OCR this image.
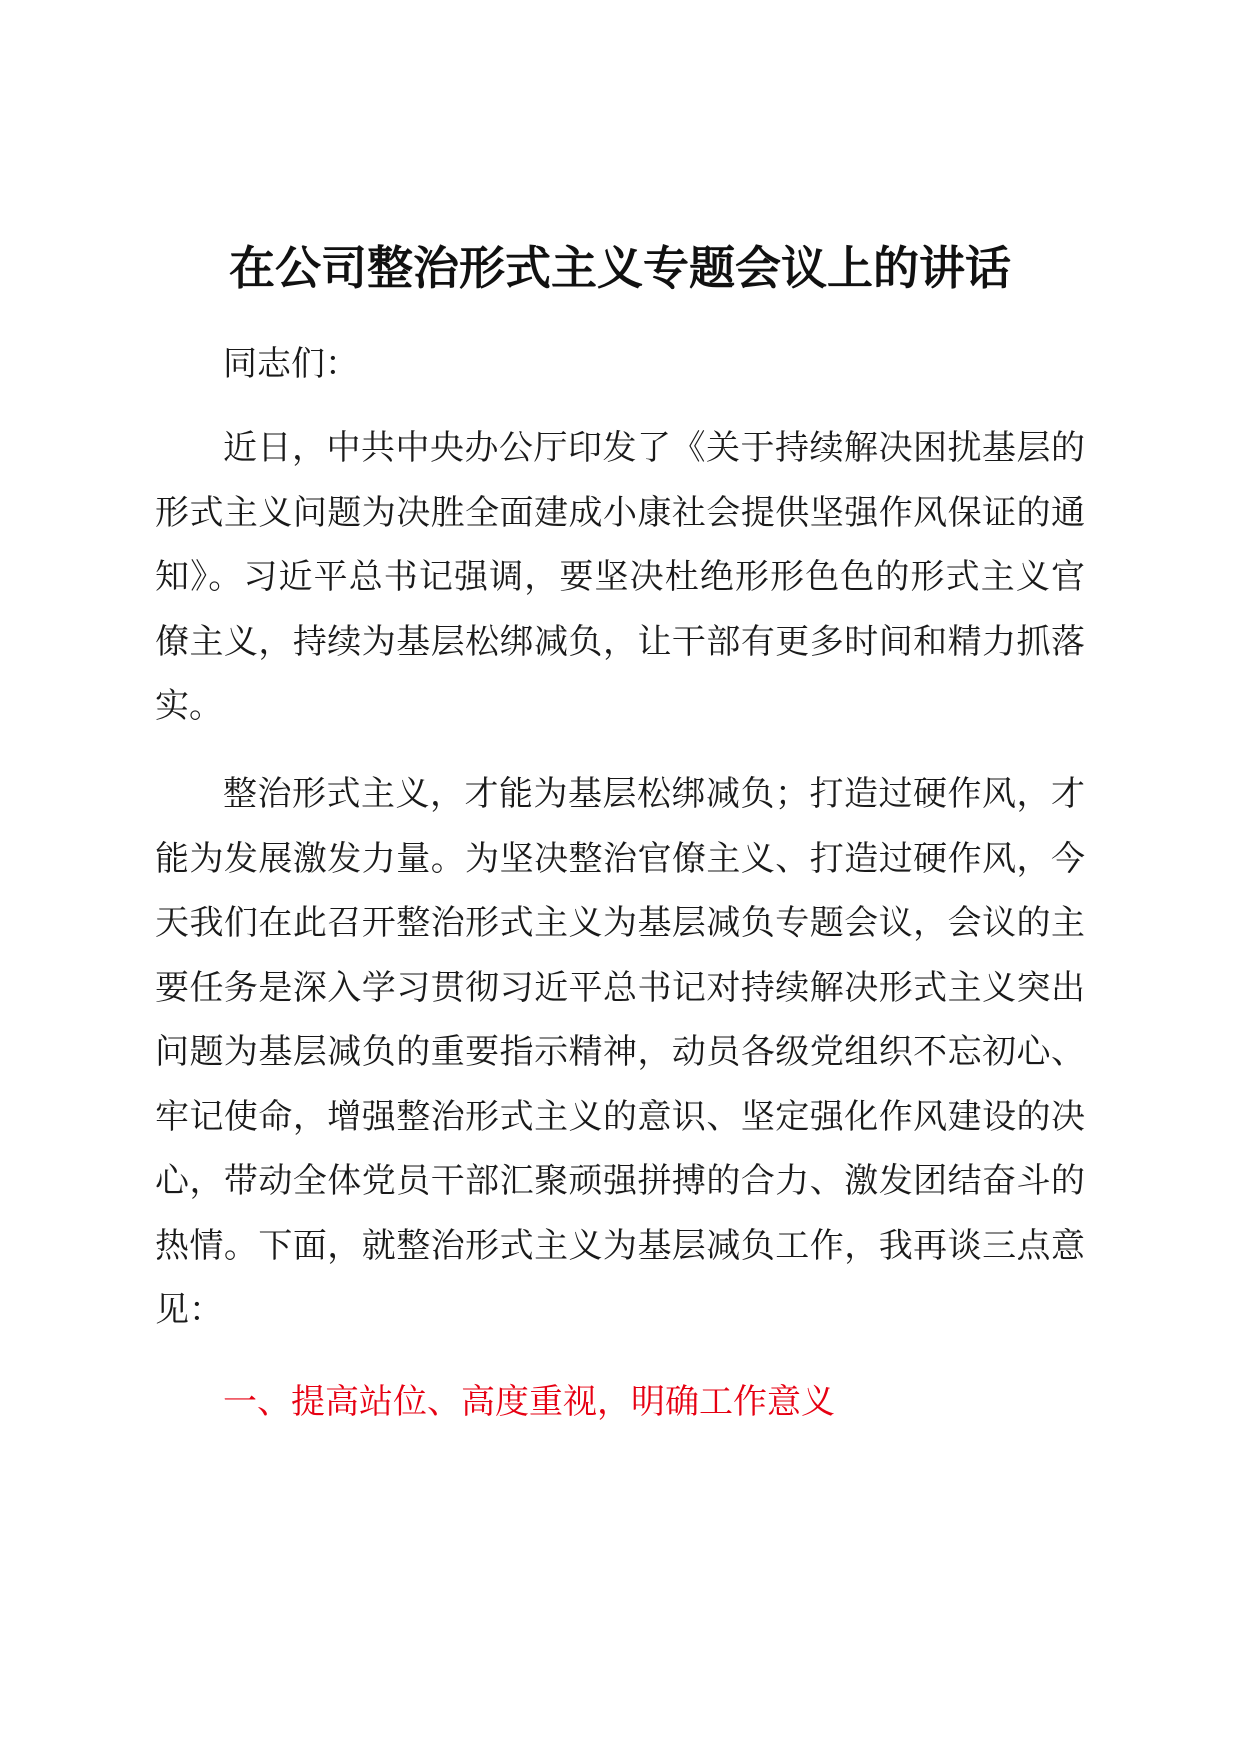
在公司整治形式主义专题会议上的讲话

同志们：

近日，中共中央办公厅印发了《关于持续解决困扰基层的形式主义问题为决胜全面建成小康社会提供坚强作风保证的通知》。习近平总书记强调，要坚决杜绝形形色色的形式主义官僚主义，持续为基层松绑减负，让干部有更多时间和精力抓落实。

整治形式主义，才能为基层松绑减负；打造过硬作风，才能为发展激发力量。为坚决整治官僚主义、打造过硬作风，今天我们在此召开整治形式主义为基层减负专题会议，会议的主要任务是深入学习贯彻习近平总书记对持续解决形式主义突出问题为基层减负的重要指示精神，动员各级党组织不忘初心、牢记使命，增强整治形式主义的意识、坚定强化作风建设的决心，带动全体党员干部汇聚顽强拼搏的合力、激发团结奋斗的热情。下面，就整治形式主义为基层减负工作，我再谈三点意见：

一、提高站位、高度重视，明确工作意义
